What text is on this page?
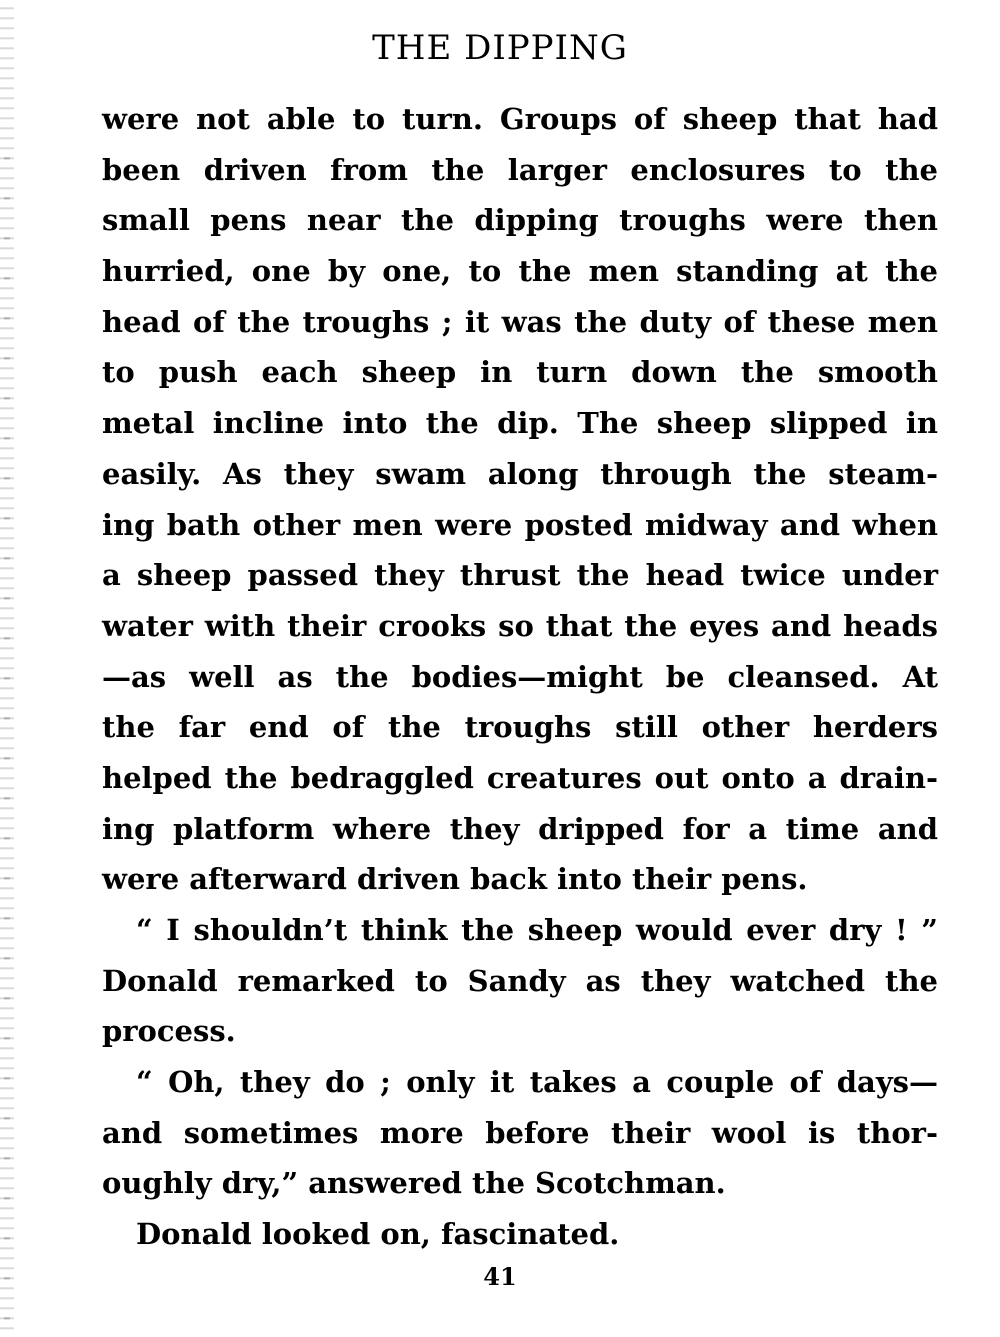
THE DIPPING
were not able to turn. Groups of sheep that had
been driven from the larger enclosures to the
small pens near the dipping troughs were then
hurried, one by one, to the men standing at the
head of the troughs ; it was the duty of these men
to push each sheep in turn down the smooth
metal incline into the dip. The sheep slipped in
easily. As they swam along through the steam-
ing bath other men were posted midway and when
a sheep passed they thrust the head twice under
water with their crooks so that the eyes and heads
—as well as the bodies—might be cleansed. At
the far end of the troughs still other herders
helped the bedraggled creatures out onto a drain-
ing platform where they dripped for a time and
were afterward driven back into their pens.
“ I shouldn’t think the sheep would ever dry ! ”
Donald remarked to Sandy as they watched the
process.
“ Oh, they do ; only it takes a couple of days—
and sometimes more before their wool is thor-
oughly dry,” answered the Scotchman.
Donald looked on, fascinated.
41
